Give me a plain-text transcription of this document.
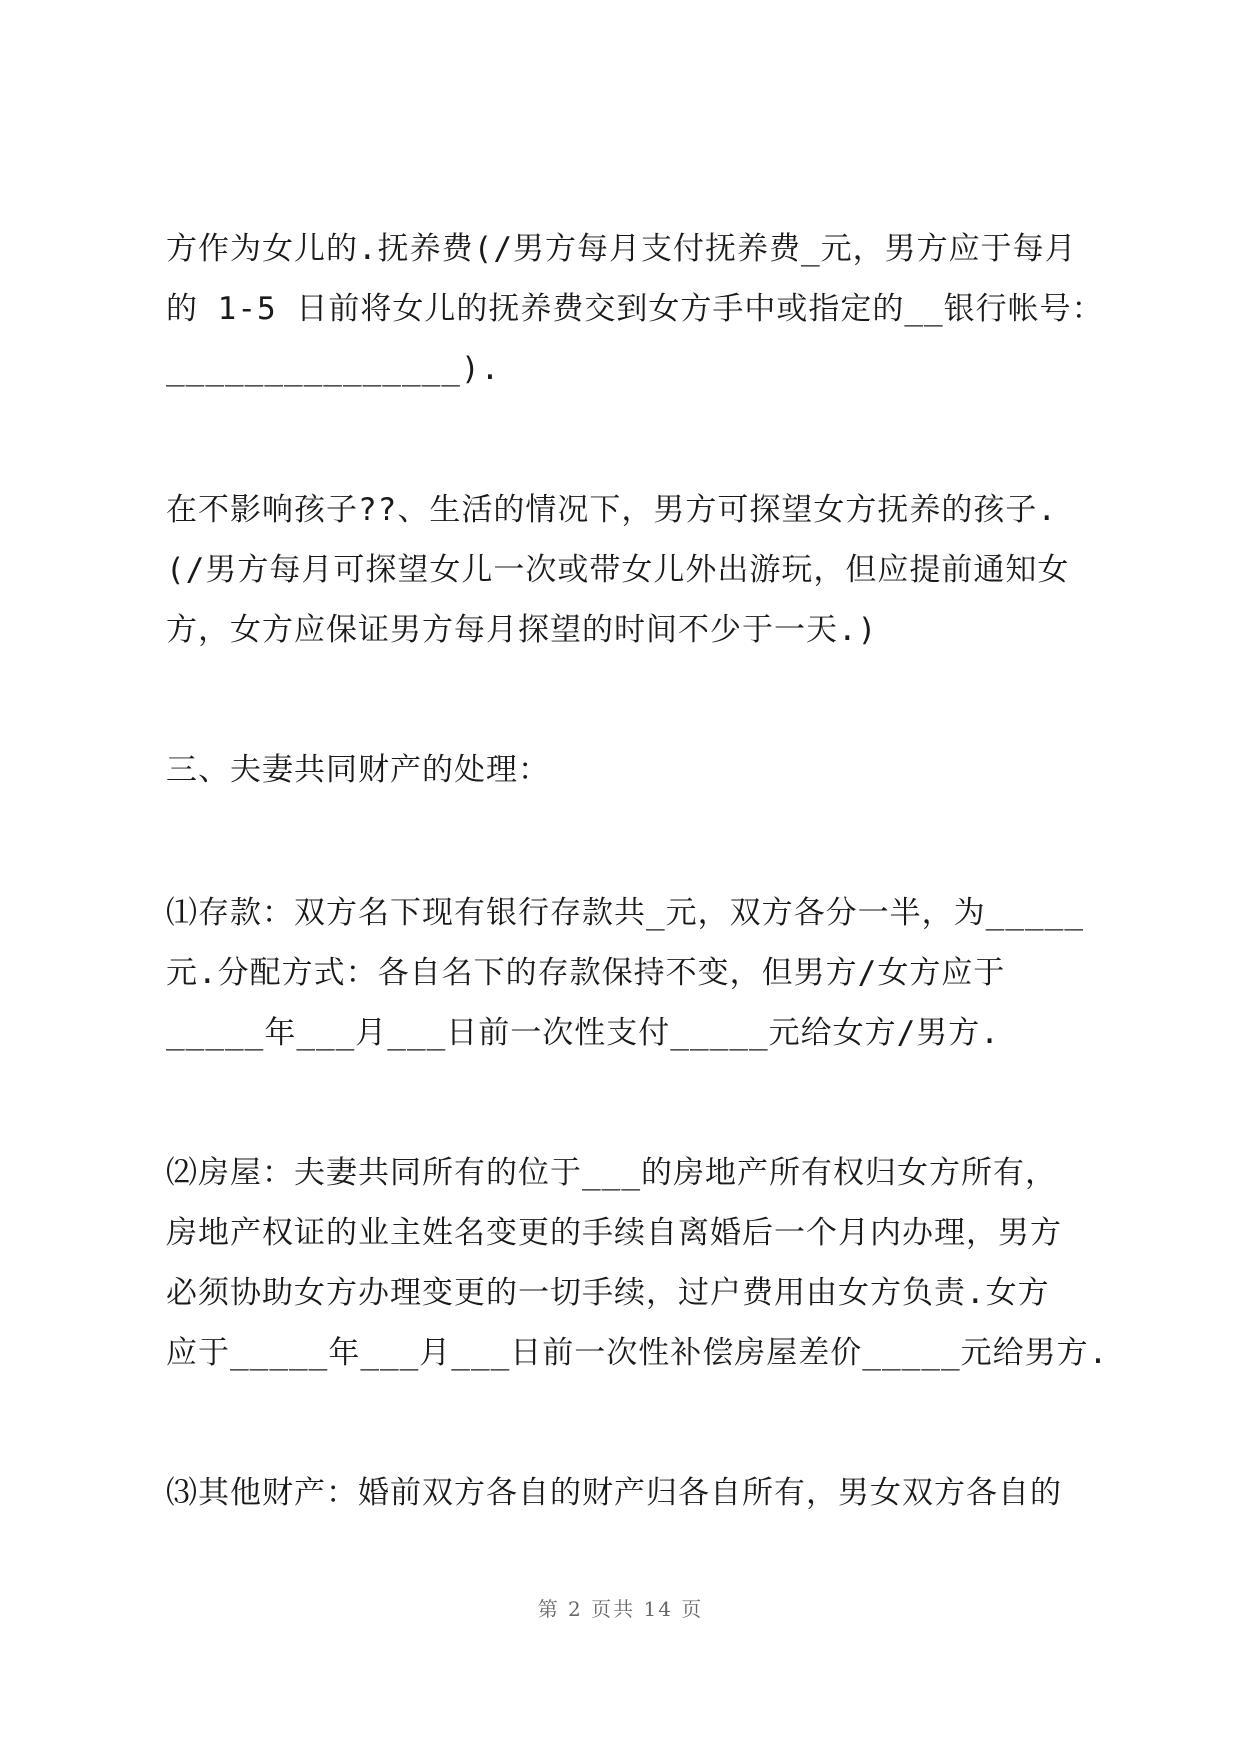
方作为女儿的.抚养费(/男方每月支付抚养费_元，男方应于每月
的 1-5 日前将女儿的抚养费交到女方手中或指定的__银行帐号：
_______________).
在不影响孩子??、生活的情况下，男方可探望女方抚养的孩子.
(/男方每月可探望女儿一次或带女儿外出游玩，但应提前通知女
方，女方应保证男方每月探望的时间不少于一天.)
三、夫妻共同财产的处理：
⑴存款：双方名下现有银行存款共_元，双方各分一半，为_____
元.分配方式：各自名下的存款保持不变，但男方/女方应于
_____年___月___日前一次性支付_____元给女方/男方.
⑵房屋：夫妻共同所有的位于___的房地产所有权归女方所有，
房地产权证的业主姓名变更的手续自离婚后一个月内办理，男方
必须协助女方办理变更的一切手续，过户费用由女方负责.女方
应于_____年___月___日前一次性补偿房屋差价_____元给男方.
⑶其他财产：婚前双方各自的财产归各自所有，男女双方各自的
第 2 页共 14 页
